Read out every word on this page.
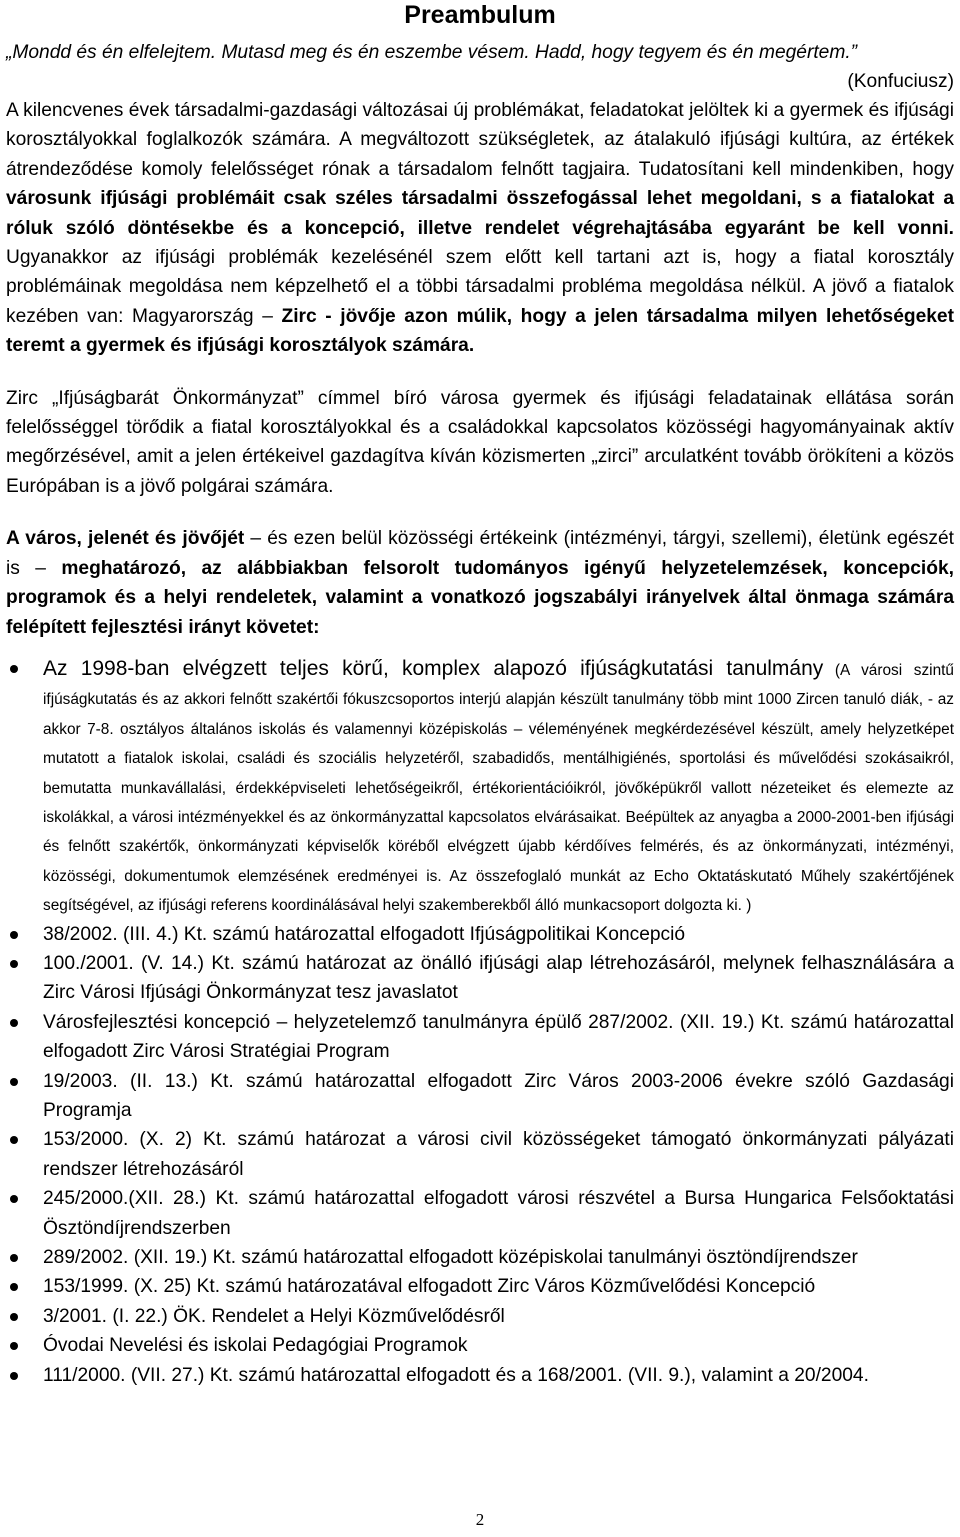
Preambulum

„Mondd és én elfelejtem. Mutasd meg és én eszembe vésem. Hadd, hogy tegyem és én megértem.”

(Konfuciusz)

A kilencvenes évek társadalmi-gazdasági változásai új problémákat, feladatokat jelöltek ki a gyermek és ifjúsági korosztályokkal foglalkozók számára. A megváltozott szükségletek, az átalakuló ifjúsági kultúra, az értékek átrendeződése komoly felelősséget rónak a társadalom felnőtt tagjaira. Tudatosítani kell mindenkiben, hogy városunk ifjúsági problémáit csak széles társadalmi összefogással lehet megoldani, s a fiatalokat a róluk szóló döntésekbe és a koncepció, illetve rendelet végrehajtásába egyaránt be kell vonni. Ugyanakkor az ifjúsági problémák kezelésénél szem előtt kell tartani azt is, hogy a fiatal korosztály problémáinak megoldása nem képzelhető el a többi társadalmi probléma megoldása nélkül. A jövő a fiatalok kezében van: Magyarország – Zirc - jövője azon múlik, hogy a jelen társadalma milyen lehetőségeket teremt a gyermek és ifjúsági korosztályok számára.

Zirc „Ifjúságbarát Önkormányzat” címmel bíró városa gyermek és ifjúsági feladatainak ellátása során felelősséggel törődik a fiatal korosztályokkal és a családokkal kapcsolatos közösségi hagyományainak aktív megőrzésével, amit a jelen értékeivel gazdagítva kíván közismerten „zirci” arculatként tovább örökíteni a közös Európában is a jövő polgárai számára.

A város, jelenét és jövőjét – és ezen belül közösségi értékeink (intézményi, tárgyi, szellemi), életünk egészét is – meghatározó, az alábbiakban felsorolt tudományos igényű helyzetelemzések, koncepciók, programok és a helyi rendeletek, valamint a vonatkozó jogszabályi irányelvek által önmaga számára felépített fejlesztési irányt követet:

Az 1998-ban elvégzett teljes körű, komplex alapozó ifjúságkutatási tanulmány (A városi szintű ifjúságkutatás és az akkori felnőtt szakértői fókuszcsoportos interjú alapján készült tanulmány több mint 1000 Zircen tanuló diák, - az akkor 7-8. osztályos általános iskolás és valamennyi középiskolás – véleményének megkérdezésével készült, amely helyzetképet mutatott a fiatalok iskolai, családi és szociális helyzetéről, szabadidős, mentálhigiénés, sportolási és művelődési szokásaikról, bemutatta munkavállalási, érdekképviseleti lehetőségeikről, értékorientációikról, jövőképükről vallott nézeteiket és elemezte az iskolákkal, a városi intézményekkel és az önkormányzattal kapcsolatos elvárásaikat. Beépültek az anyagba a 2000-2001-ben ifjúsági és felnőtt szakértők, önkormányzati képviselők köréből elvégzett újabb kérdőíves felmérés, és az önkormányzati, intézményi, közösségi, dokumentumok elemzésének eredményei is. Az összefoglaló munkát az Echo Oktatáskutató Műhely szakértőjének segítségével, az ifjúsági referens koordinálásával helyi szakemberekből álló munkacsoport dolgozta ki. )
38/2002. (III. 4.) Kt. számú határozattal elfogadott Ifjúságpolitikai Koncepció
100./2001. (V. 14.) Kt. számú határozat az önálló ifjúsági alap létrehozásáról, melynek felhasználására a Zirc Városi Ifjúsági Önkormányzat tesz javaslatot
Városfejlesztési koncepció – helyzetelemző tanulmányra épülő 287/2002. (XII. 19.) Kt. számú határozattal elfogadott Zirc Városi Stratégiai Program
19/2003. (II. 13.) Kt. számú határozattal elfogadott Zirc Város 2003-2006 évekre szóló Gazdasági Programja
153/2000. (X. 2) Kt. számú határozat a városi civil közösségeket támogató önkormányzati pályázati rendszer létrehozásáról
245/2000.(XII. 28.) Kt. számú határozattal elfogadott városi részvétel a Bursa Hungarica Felsőoktatási Ösztöndíjrendszerben
289/2002. (XII. 19.) Kt. számú határozattal elfogadott középiskolai tanulmányi ösztöndíjrendszer
153/1999. (X. 25) Kt. számú határozatával elfogadott Zirc Város Közművelődési Koncepció
3/2001. (I. 22.) ÖK. Rendelet a Helyi Közművelődésről
Óvodai Nevelési és iskolai Pedagógiai Programok
111/2000. (VII. 27.) Kt. számú határozattal elfogadott és a 168/2001. (VII. 9.), valamint a 20/2004.
2
